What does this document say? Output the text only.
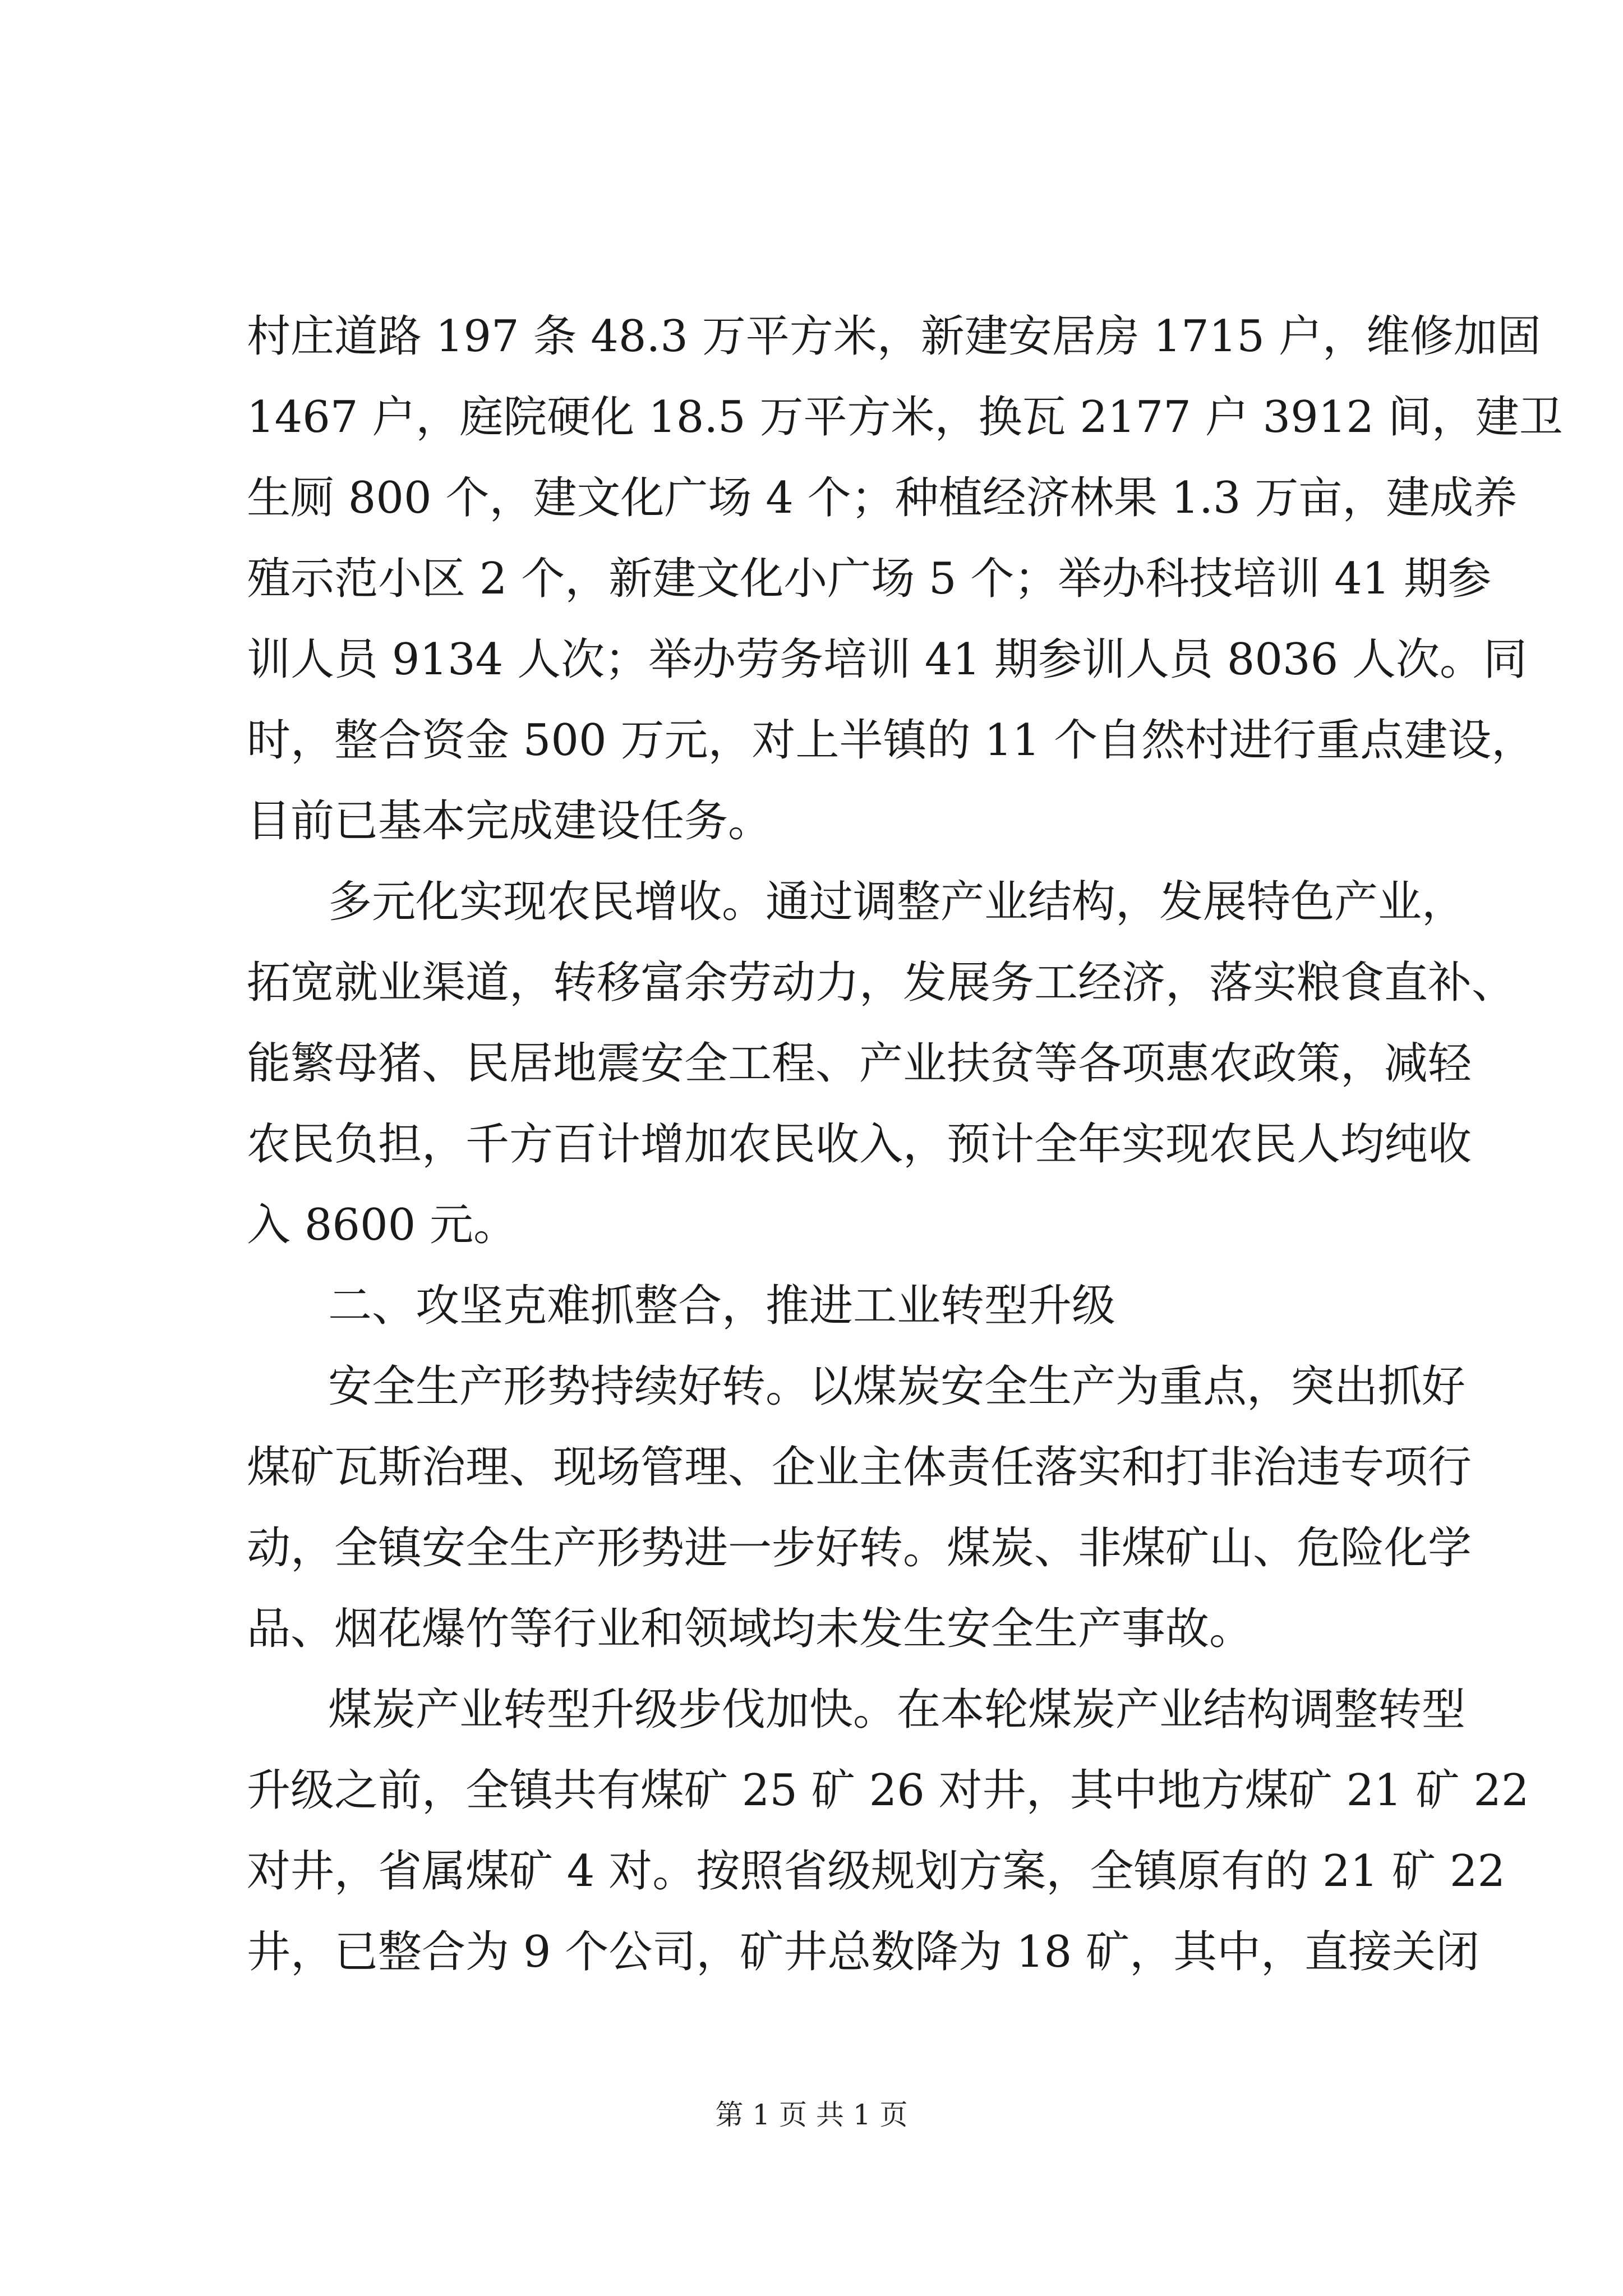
村庄道路 197 条 48.3 万平方米，新建安居房 1715 户，维修加固
1467 户，庭院硬化 18.5 万平方米，换瓦 2177 户 3912 间，建卫
生厕 800 个，建文化广场 4 个；种植经济林果 1.3 万亩，建成养
殖示范小区 2 个，新建文化小广场 5 个；举办科技培训 41 期参
训人员 9134 人次；举办劳务培训 41 期参训人员 8036 人次。同
时，整合资金 500 万元，对上半镇的 11 个自然村进行重点建设，
目前已基本完成建设任务。
多元化实现农民增收。通过调整产业结构，发展特色产业，
拓宽就业渠道，转移富余劳动力，发展务工经济，落实粮食直补、
能繁母猪、民居地震安全工程、产业扶贫等各项惠农政策，减轻
农民负担，千方百计增加农民收入，预计全年实现农民人均纯收
入 8600 元。
二、攻坚克难抓整合，推进工业转型升级
安全生产形势持续好转。以煤炭安全生产为重点，突出抓好
煤矿瓦斯治理、现场管理、企业主体责任落实和打非治违专项行
动，全镇安全生产形势进一步好转。煤炭、非煤矿山、危险化学
品、烟花爆竹等行业和领域均未发生安全生产事故。
煤炭产业转型升级步伐加快。在本轮煤炭产业结构调整转型
升级之前，全镇共有煤矿 25 矿 26 对井，其中地方煤矿 21 矿 22
对井，省属煤矿 4 对。按照省级规划方案，全镇原有的 21 矿 22
井，已整合为 9 个公司，矿井总数降为 18 矿，其中，直接关闭
第 1 页 共 1 页
